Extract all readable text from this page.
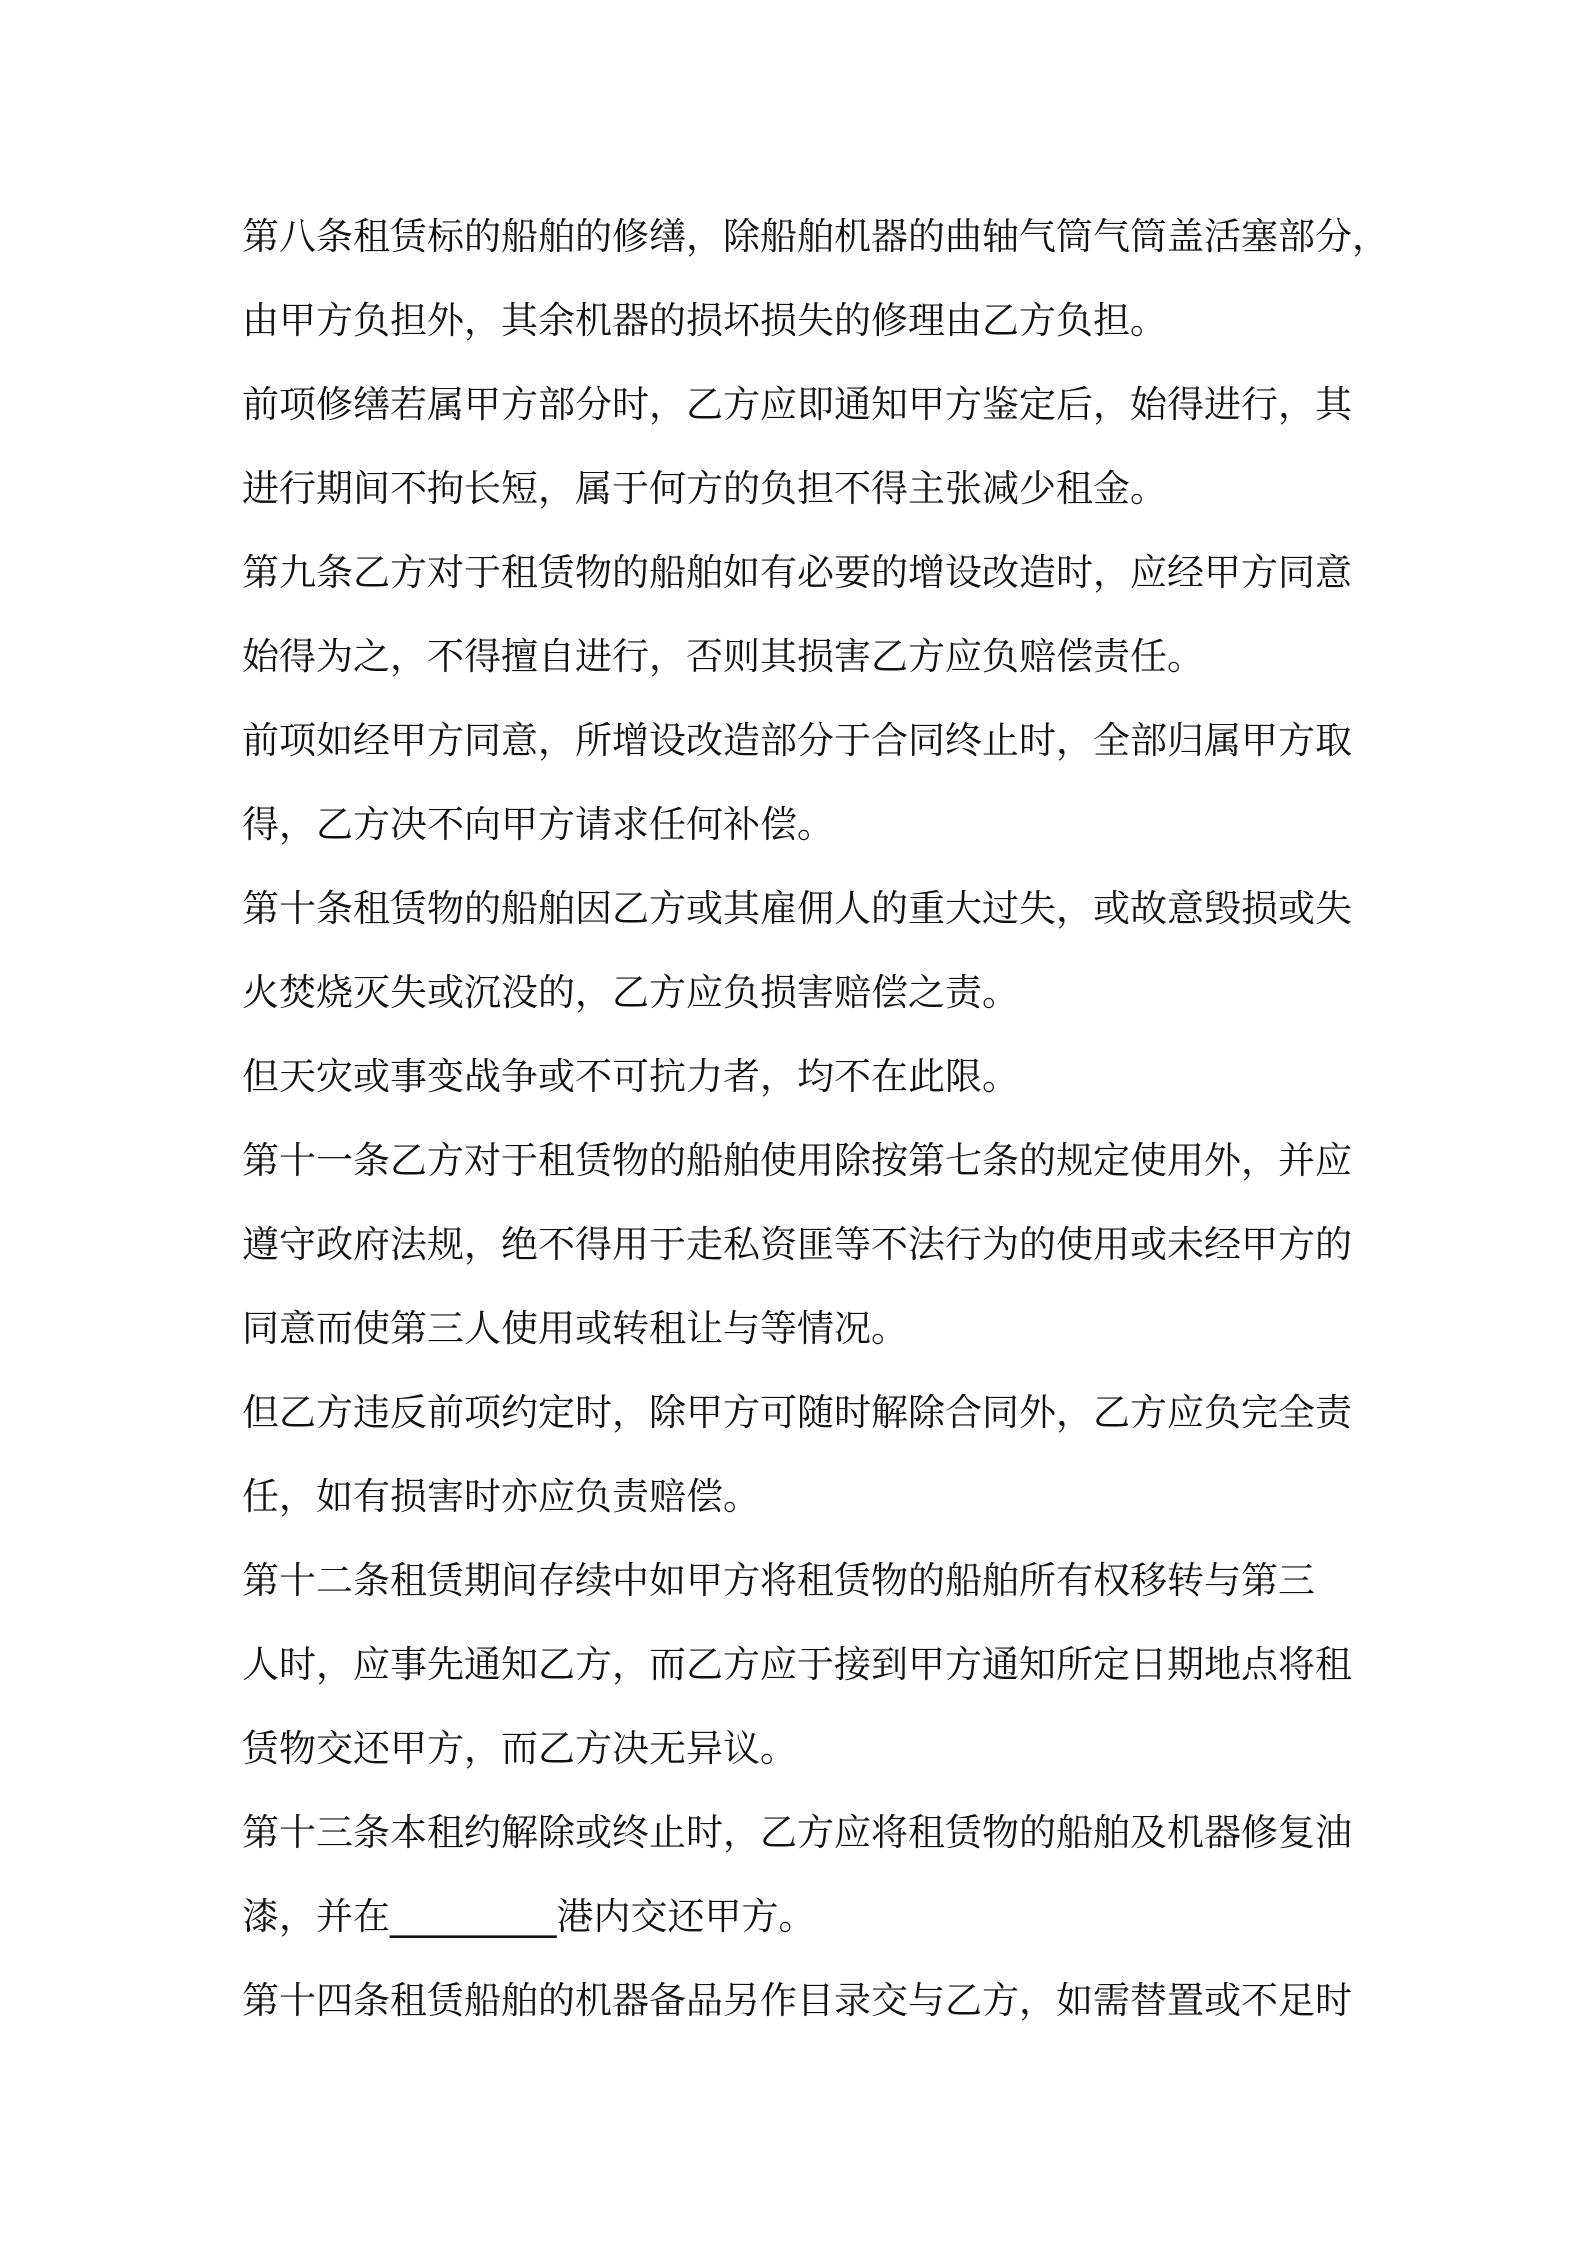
第八条租赁标的船舶的修缮，除船舶机器的曲轴气筒气筒盖活塞部分，
由甲方负担外，其余机器的损坏损失的修理由乙方负担。
前项修缮若属甲方部分时，乙方应即通知甲方鉴定后，始得进行，其
进行期间不拘长短，属于何方的负担不得主张减少租金。
第九条乙方对于租赁物的船舶如有必要的增设改造时，应经甲方同意
始得为之，不得擅自进行，否则其损害乙方应负赔偿责任。
前项如经甲方同意，所增设改造部分于合同终止时，全部归属甲方取
得，乙方决不向甲方请求任何补偿。
第十条租赁物的船舶因乙方或其雇佣人的重大过失，或故意毁损或失
火焚烧灭失或沉没的，乙方应负损害赔偿之责。
但天灾或事变战争或不可抗力者，均不在此限。
第十一条乙方对于租赁物的船舶使用除按第七条的规定使用外，并应
遵守政府法规，绝不得用于走私资匪等不法行为的使用或未经甲方的
同意而使第三人使用或转租让与等情况。
但乙方违反前项约定时，除甲方可随时解除合同外，乙方应负完全责
任，如有损害时亦应负责赔偿。
第十二条租赁期间存续中如甲方将租赁物的船舶所有权移转与第三
人时，应事先通知乙方，而乙方应于接到甲方通知所定日期地点将租
赁物交还甲方，而乙方决无异议。
第十三条本租约解除或终止时，乙方应将租赁物的船舶及机器修复油
漆，并在_________港内交还甲方。
第十四条租赁船舶的机器备品另作目录交与乙方，如需替置或不足时
